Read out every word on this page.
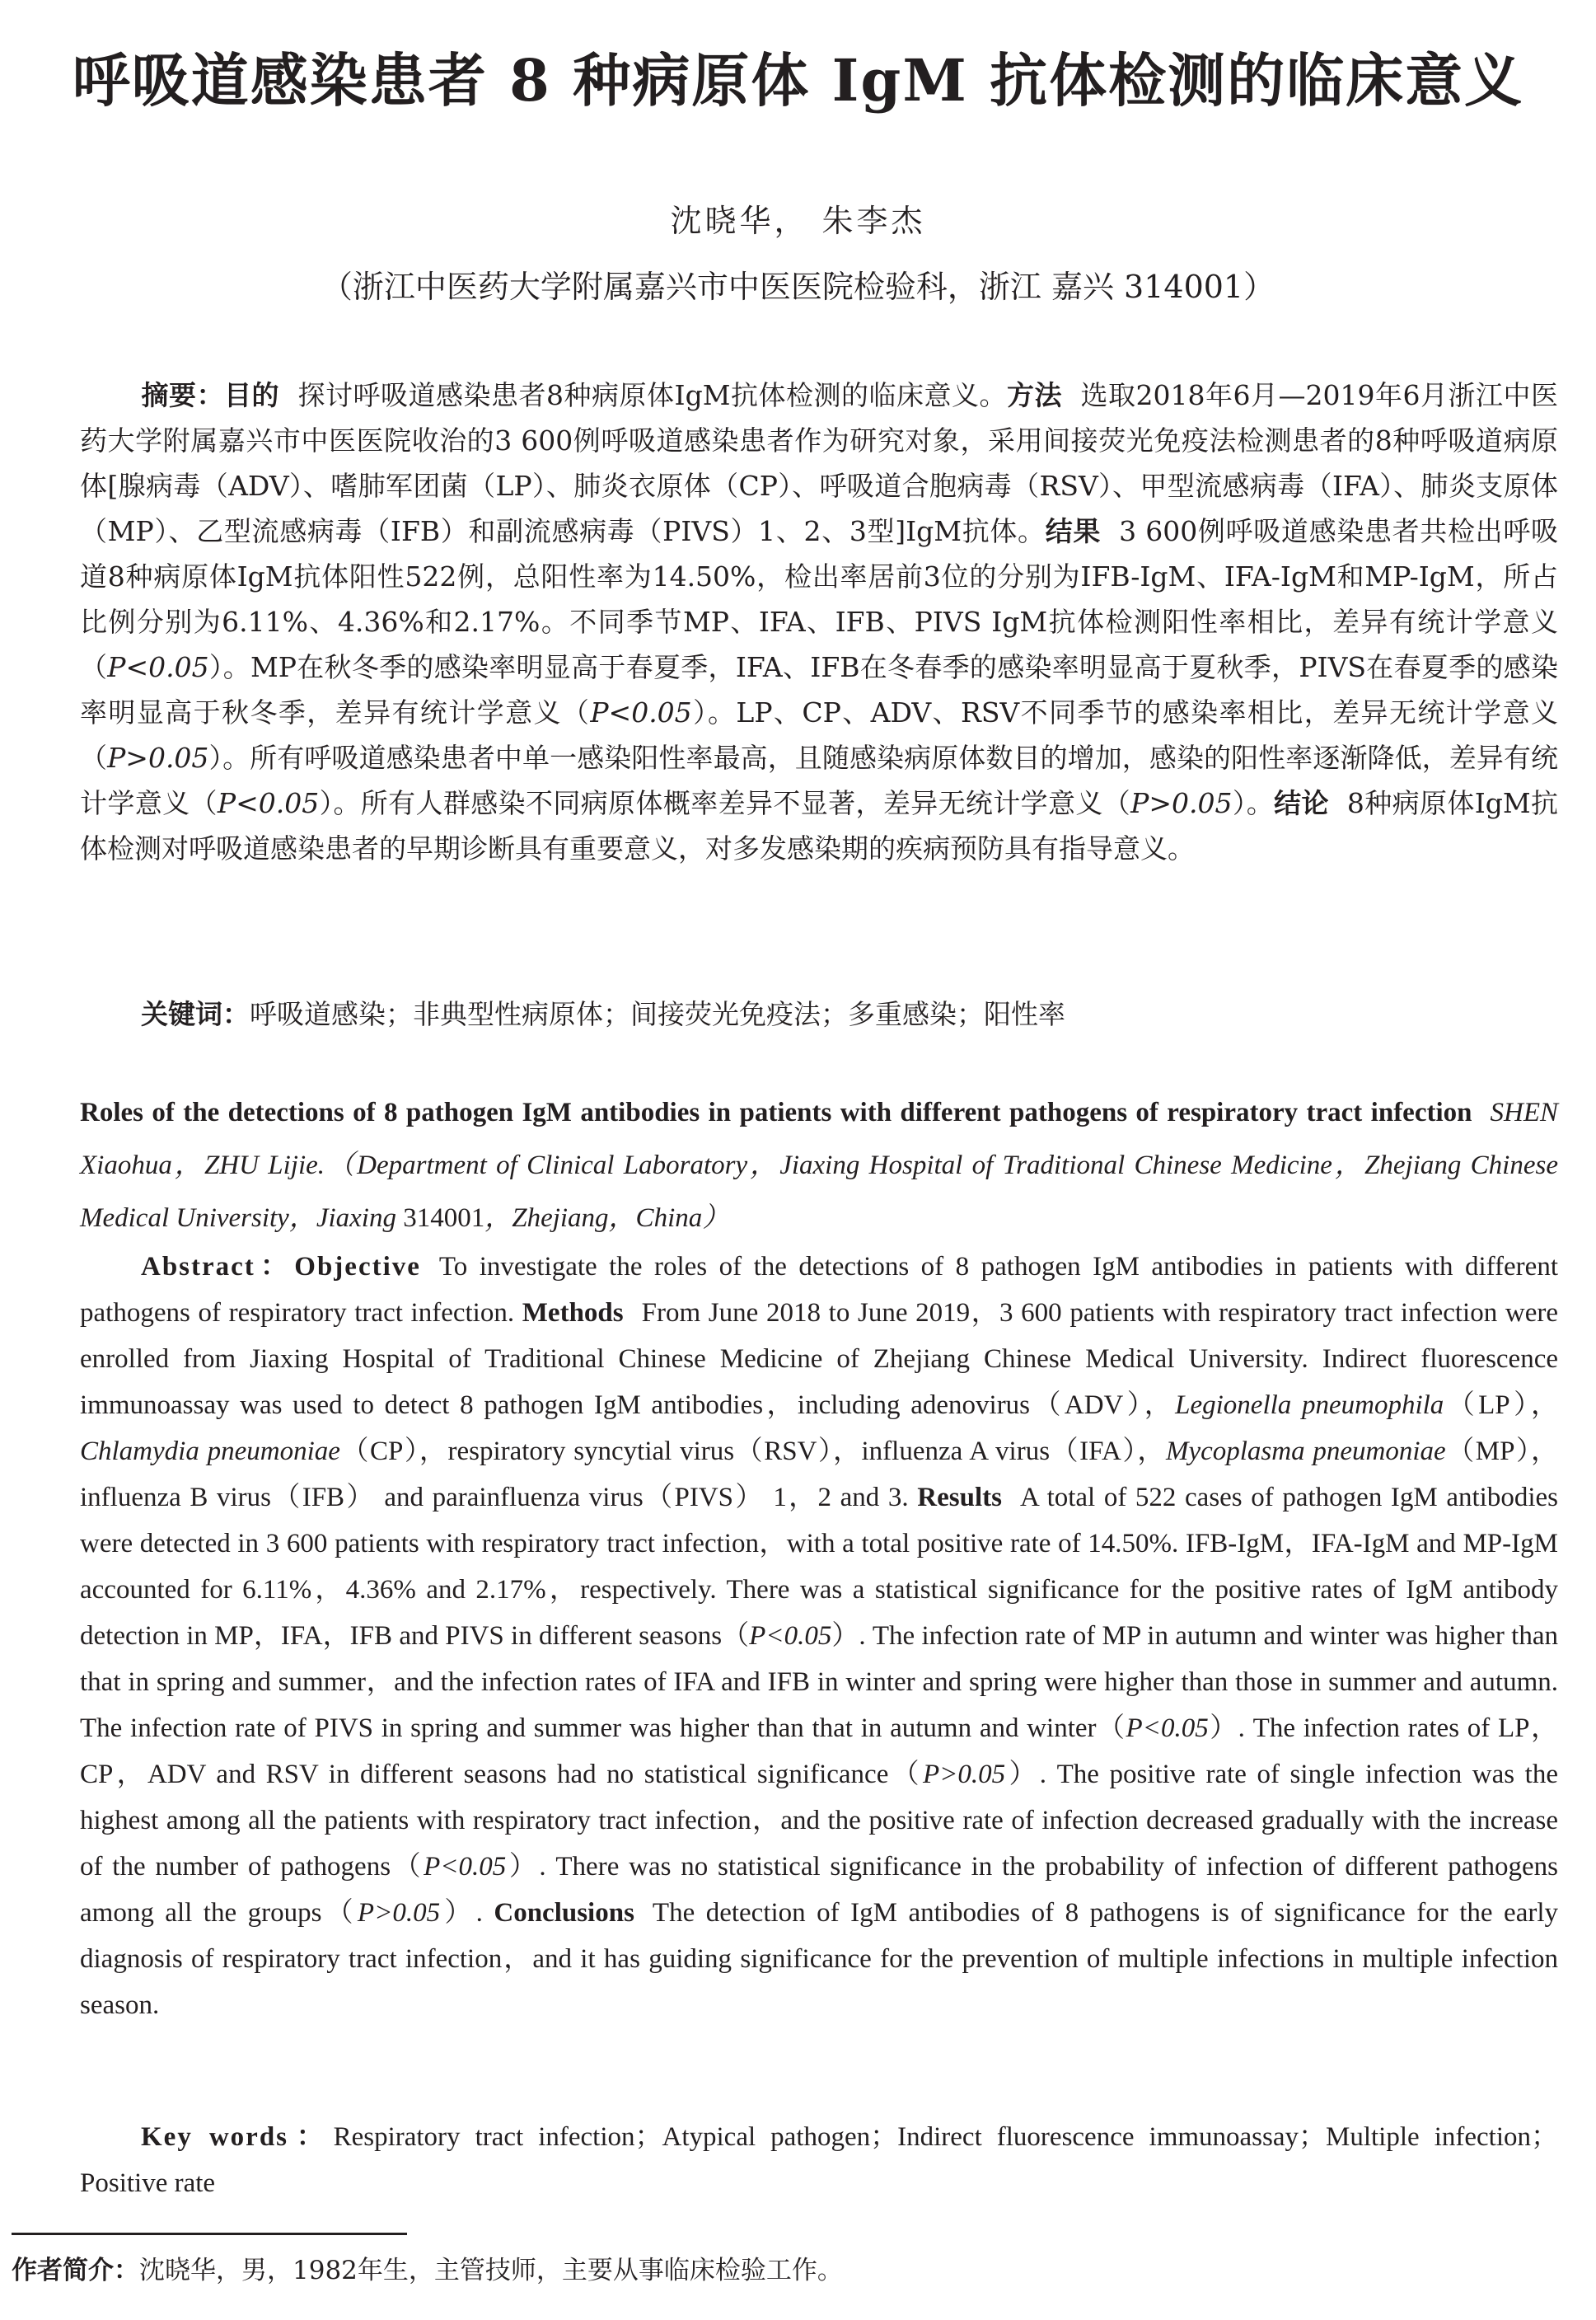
呼吸道感染患者 8 种病原体 IgM 抗体检测的临床意义
沈晓华， 朱李杰
（浙江中医药大学附属嘉兴市中医医院检验科，浙江 嘉兴 314001）
摘要：目的 探讨呼吸道感染患者8种病原体IgM抗体检测的临床意义。方法 选取2018年6月—2019年6月浙江中医药大学附属嘉兴市中医医院收治的3 600例呼吸道感染患者作为研究对象，采用间接荧光免疫法检测患者的8种呼吸道病原体[腺病毒（ADV）、嗜肺军团菌（LP）、肺炎衣原体（CP）、呼吸道合胞病毒（RSV）、甲型流感病毒（IFA）、肺炎支原体（MP）、乙型流感病毒（IFB）和副流感病毒（PIVS）1、2、3型]IgM抗体。结果 3 600例呼吸道感染患者共检出呼吸道8种病原体IgM抗体阳性522例，总阳性率为14.50%，检出率居前3位的分别为IFB-IgM、IFA-IgM和MP-IgM，所占比例分别为6.11%、4.36%和2.17%。不同季节MP、IFA、IFB、PIVS IgM抗体检测阳性率相比，差异有统计学意义（P<0.05）。MP在秋冬季的感染率明显高于春夏季，IFA、IFB在冬春季的感染率明显高于夏秋季，PIVS在春夏季的感染率明显高于秋冬季，差异有统计学意义（P<0.05）。LP、CP、ADV、RSV不同季节的感染率相比，差异无统计学意义（P>0.05）。所有呼吸道感染患者中单一感染阳性率最高，且随感染病原体数目的增加，感染的阳性率逐渐降低，差异有统计学意义（P<0.05）。所有人群感染不同病原体概率差异不显著，差异无统计学意义（P>0.05）。结论 8种病原体IgM抗体检测对呼吸道感染患者的早期诊断具有重要意义，对多发感染期的疾病预防具有指导意义。
关键词：呼吸道感染；非典型性病原体；间接荧光免疫法；多重感染；阳性率
Roles of the detections of 8 pathogen IgM antibodies in patients with different pathogens of respiratory tract infection SHEN Xiaohua，ZHU Lijie.（Department of Clinical Laboratory，Jiaxing Hospital of Traditional Chinese Medicine，Zhejiang Chinese Medical University，Jiaxing 314001，Zhejiang，China）
Abstract：Objective To investigate the roles of the detections of 8 pathogen IgM antibodies in patients with different pathogens of respiratory tract infection. Methods From June 2018 to June 2019，3 600 patients with respiratory tract infection were enrolled from Jiaxing Hospital of Traditional Chinese Medicine of Zhejiang Chinese Medical University. Indirect fluorescence immunoassay was used to detect 8 pathogen IgM antibodies，including adenovirus（ADV），Legionella pneumophila（LP），Chlamydia pneumoniae（CP），respiratory syncytial virus（RSV），influenza A virus（IFA），Mycoplasma pneumoniae（MP），influenza B virus（IFB） and parainfluenza virus（PIVS） 1，2 and 3. Results A total of 522 cases of pathogen IgM antibodies were detected in 3 600 patients with respiratory tract infection，with a total positive rate of 14.50%. IFB-IgM，IFA-IgM and MP-IgM accounted for 6.11%，4.36% and 2.17%，respectively. There was a statistical significance for the positive rates of IgM antibody detection in MP，IFA，IFB and PIVS in different seasons（P<0.05）. The infection rate of MP in autumn and winter was higher than that in spring and summer，and the infection rates of IFA and IFB in winter and spring were higher than those in summer and autumn. The infection rate of PIVS in spring and summer was higher than that in autumn and winter（P<0.05）. The infection rates of LP，CP，ADV and RSV in different seasons had no statistical significance（P>0.05）. The positive rate of single infection was the highest among all the patients with respiratory tract infection，and the positive rate of infection decreased gradually with the increase of the number of pathogens（P<0.05）. There was no statistical significance in the probability of infection of different pathogens among all the groups（P>0.05）. Conclusions The detection of IgM antibodies of 8 pathogens is of significance for the early diagnosis of respiratory tract infection，and it has guiding significance for the prevention of multiple infections in multiple infection season.
Key words：Respiratory tract infection；Atypical pathogen；Indirect fluorescence immunoassay；Multiple infection；Positive rate
作者简介：沈晓华，男，1982年生，主管技师，主要从事临床检验工作。
